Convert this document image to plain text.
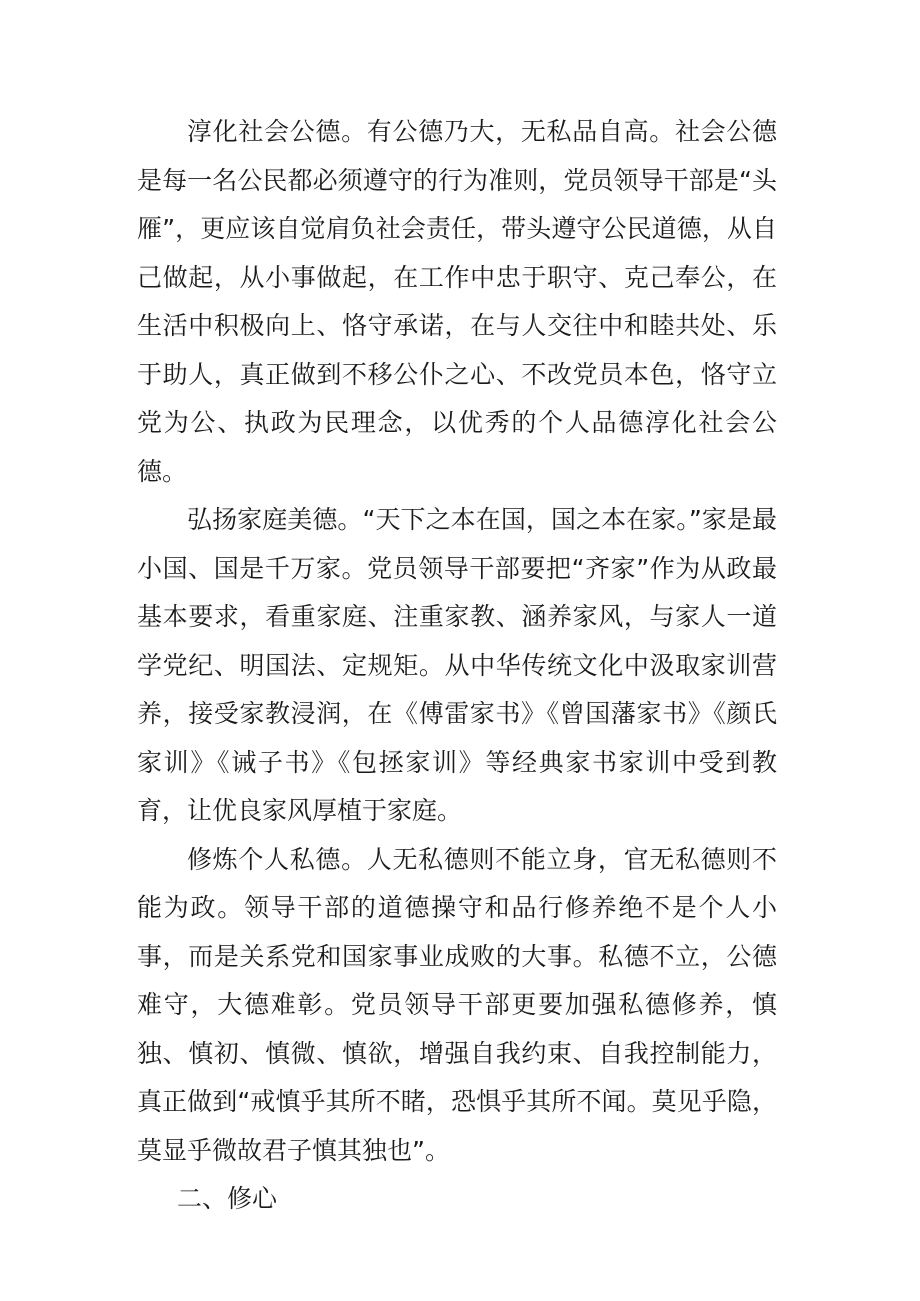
淳化社会公德。有公德乃大，无私品自高。社会公德是每一名公民都必须遵守的行为准则，党员领导干部是“头雁”，更应该自觉肩负社会责任，带头遵守公民道德，从自己做起，从小事做起，在工作中忠于职守、克己奉公，在生活中积极向上、恪守承诺，在与人交往中和睦共处、乐于助人，真正做到不移公仆之心、不改党员本色，恪守立党为公、执政为民理念，以优秀的个人品德淳化社会公德。

弘扬家庭美德。“天下之本在国，国之本在家。”家是最小国、国是千万家。党员领导干部要把“齐家”作为从政最基本要求，看重家庭、注重家教、涵养家风，与家人一道学党纪、明国法、定规矩。从中华传统文化中汲取家训营养，接受家教浸润，在《傅雷家书》《曾国藩家书》《颜氏家训》《诫子书》《包拯家训》等经典家书家训中受到教育，让优良家风厚植于家庭。

修炼个人私德。人无私德则不能立身，官无私德则不能为政。领导干部的道德操守和品行修养绝不是个人小事，而是关系党和国家事业成败的大事。私德不立，公德难守，大德难彰。党员领导干部更要加强私德修养，慎独、慎初、慎微、慎欲，增强自我约束、自我控制能力，真正做到“戒慎乎其所不睹，恐惧乎其所不闻。莫见乎隐，莫显乎微故君子慎其独也”。

二、修心
